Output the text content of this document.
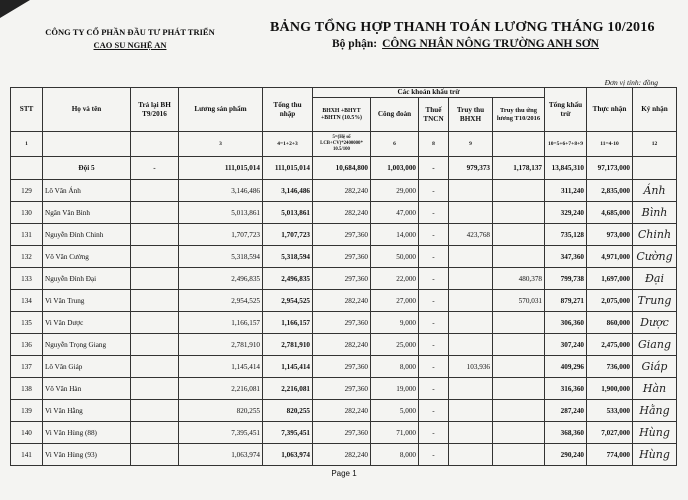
CÔNG TY CỔ PHẦN ĐẦU TƯ PHÁT TRIỂN
CAO SU NGHỆ AN
BẢNG TỔNG HỢP THANH TOÁN LƯƠNG THÁNG 10/2016
Bộ phận: CÔNG NHÂN NÔNG TRƯỜNG ANH SƠN
Đơn vị tính: đồng
STT	Họ và tên	Trả lại BH T9/2016	Lương sản phẩm	Tổng thu nhập	Các khoản khấu trừ					Tổng khấu trừ	Thực nhận	Ký nhận
					BHXH +BHYT +BHTN (10.5%)	Công đoàn	Thuế TNCN	Truy thu BHXH	Truy thu ứng lương T10/2016			
1			3	4=1+2+3	5=(Hệ số LCB+CV)*2400000* 10.5/100	6	8	9		10=5+6+7+8+9	11=4-10	12
	Đội 5	-	111,015,014	111,015,014	10,684,800	1,003,000	-	979,373	1,178,137	13,845,310	97,173,000	
129	Lô Văn Ánh		3,146,486	3,146,486	282,240	29,000	-			311,240	2,835,000	Ánh
130	Ngân Văn Bình		5,013,861	5,013,861	282,240	47,000	-			329,240	4,685,000	Bình
131	Nguyễn Đình Chinh		1,707,723	1,707,723	297,360	14,000	-	423,768		735,128	973,000	Chinh
132	Võ Văn Cường		5,318,594	5,318,594	297,360	50,000	-			347,360	4,971,000	Cường
133	Nguyễn Đình Đại		2,496,835	2,496,835	297,360	22,000	-		480,378	799,738	1,697,000	Đại
134	Vi Văn Trung		2,954,525	2,954,525	282,240	27,000	-		570,031	879,271	2,075,000	Trung
135	Vi Văn Dược		1,166,157	1,166,157	297,360	9,000	-			306,360	860,000	Dược
136	Nguyễn Trọng Giang		2,781,910	2,781,910	282,240	25,000	-			307,240	2,475,000	Giang
137	Lô Văn Giáp		1,145,414	1,145,414	297,360	8,000	-	103,936		409,296	736,000	Giáp
138	Võ Văn Hàn		2,216,081	2,216,081	297,360	19,000	-			316,360	1,900,000	Hàn
139	Vi Văn Hằng		820,255	820,255	282,240	5,000	-			287,240	533,000	Hằng
140	Vi Văn Hùng (88)		7,395,451	7,395,451	297,360	71,000	-			368,360	7,027,000	Hùng
141	Vi Văn Hùng (93)		1,063,974	1,063,974	282,240	8,000	-			290,240	774,000	Hùng
Page 1
